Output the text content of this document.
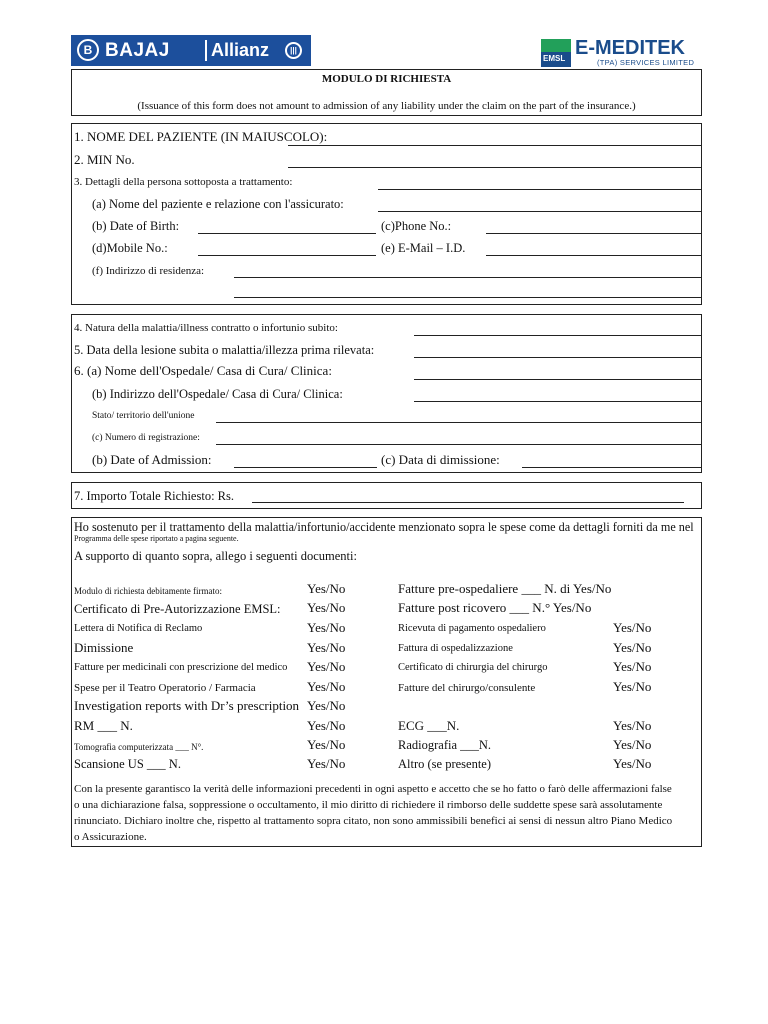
B BAJAJ Allianz	|||
EMSL E-MEDITEK
(TPA) SERVICES LIMITED
MODULO DI RICHIESTA
(Issuance of this form does not amount to admission of any liability under the claim on the part of the insurance.)
1. NOME DEL PAZIENTE (IN MAIUSCOLO):
2. MIN No.
3. Dettagli della persona sottoposta a trattamento:
(a) Nome del paziente e relazione con l'assicurato:
(b) Date of Birth:	(c)Phone No.:
(d)Mobile No.:	(e) E-Mail – I.D.
(f) Indirizzo di residenza:
4. Natura della malattia/illness contratto o infortunio subito:
5. Data della lesione subita o malattia/illezza prima rilevata:
6. (a) Nome dell'Ospedale/ Casa di Cura/ Clinica:
(b) Indirizzo dell'Ospedale/ Casa di Cura/ Clinica:
Stato/ territorio dell'unione
(c) Numero di registrazione:
(b) Date of Admission:	(c) Data di dimissione:
7. Importo Totale Richiesto: Rs.
Ho sostenuto per il trattamento della malattia/infortunio/accidente menzionato sopra le spese come da dettagli forniti da me nel
Programma delle spese riportato a pagina seguente.
A supporto di quanto sopra, allego i seguenti documenti:
Modulo di richiesta debitamente firmato:	Yes/No	Fatture pre-ospedaliere ___ N. di Yes/No
Certificato di Pre-Autorizzazione EMSL: Yes/No	Fatture post ricovero ___ N.° Yes/No
Lettera di Notifica di Reclamo	Yes/No	Ricevuta di pagamento ospedaliero	Yes/No
Dimissione	Yes/No	Fattura di ospedalizzazione	Yes/No
Fatture per medicinali con prescrizione del medico Yes/No	Certificato di chirurgia del chirurgo	Yes/No
Spese per il Teatro Operatorio / Farmacia	Yes/No	Fatture del chirurgo/consulente	Yes/No
Investigation reports with Dr’s prescription Yes/No
RM ___ N.	Yes/No	ECG ___N.	Yes/No
Tomografia computerizzata ___ N°.	Yes/No	Radiografia ___N.	Yes/No
Scansione US ___ N.	Yes/No	Altro (se presente)	Yes/No
Con la presente garantisco la verità delle informazioni precedenti in ogni aspetto e accetto che se ho fatto o farò delle affermazioni false
o una dichiarazione falsa, soppressione o occultamento, il mio diritto di richiedere il rimborso delle suddette spese sarà assolutamente
rinunciato. Dichiaro inoltre che, rispetto al trattamento sopra citato, non sono ammissibili benefici ai sensi di nessun altro Piano Medico
o Assicurazione.
